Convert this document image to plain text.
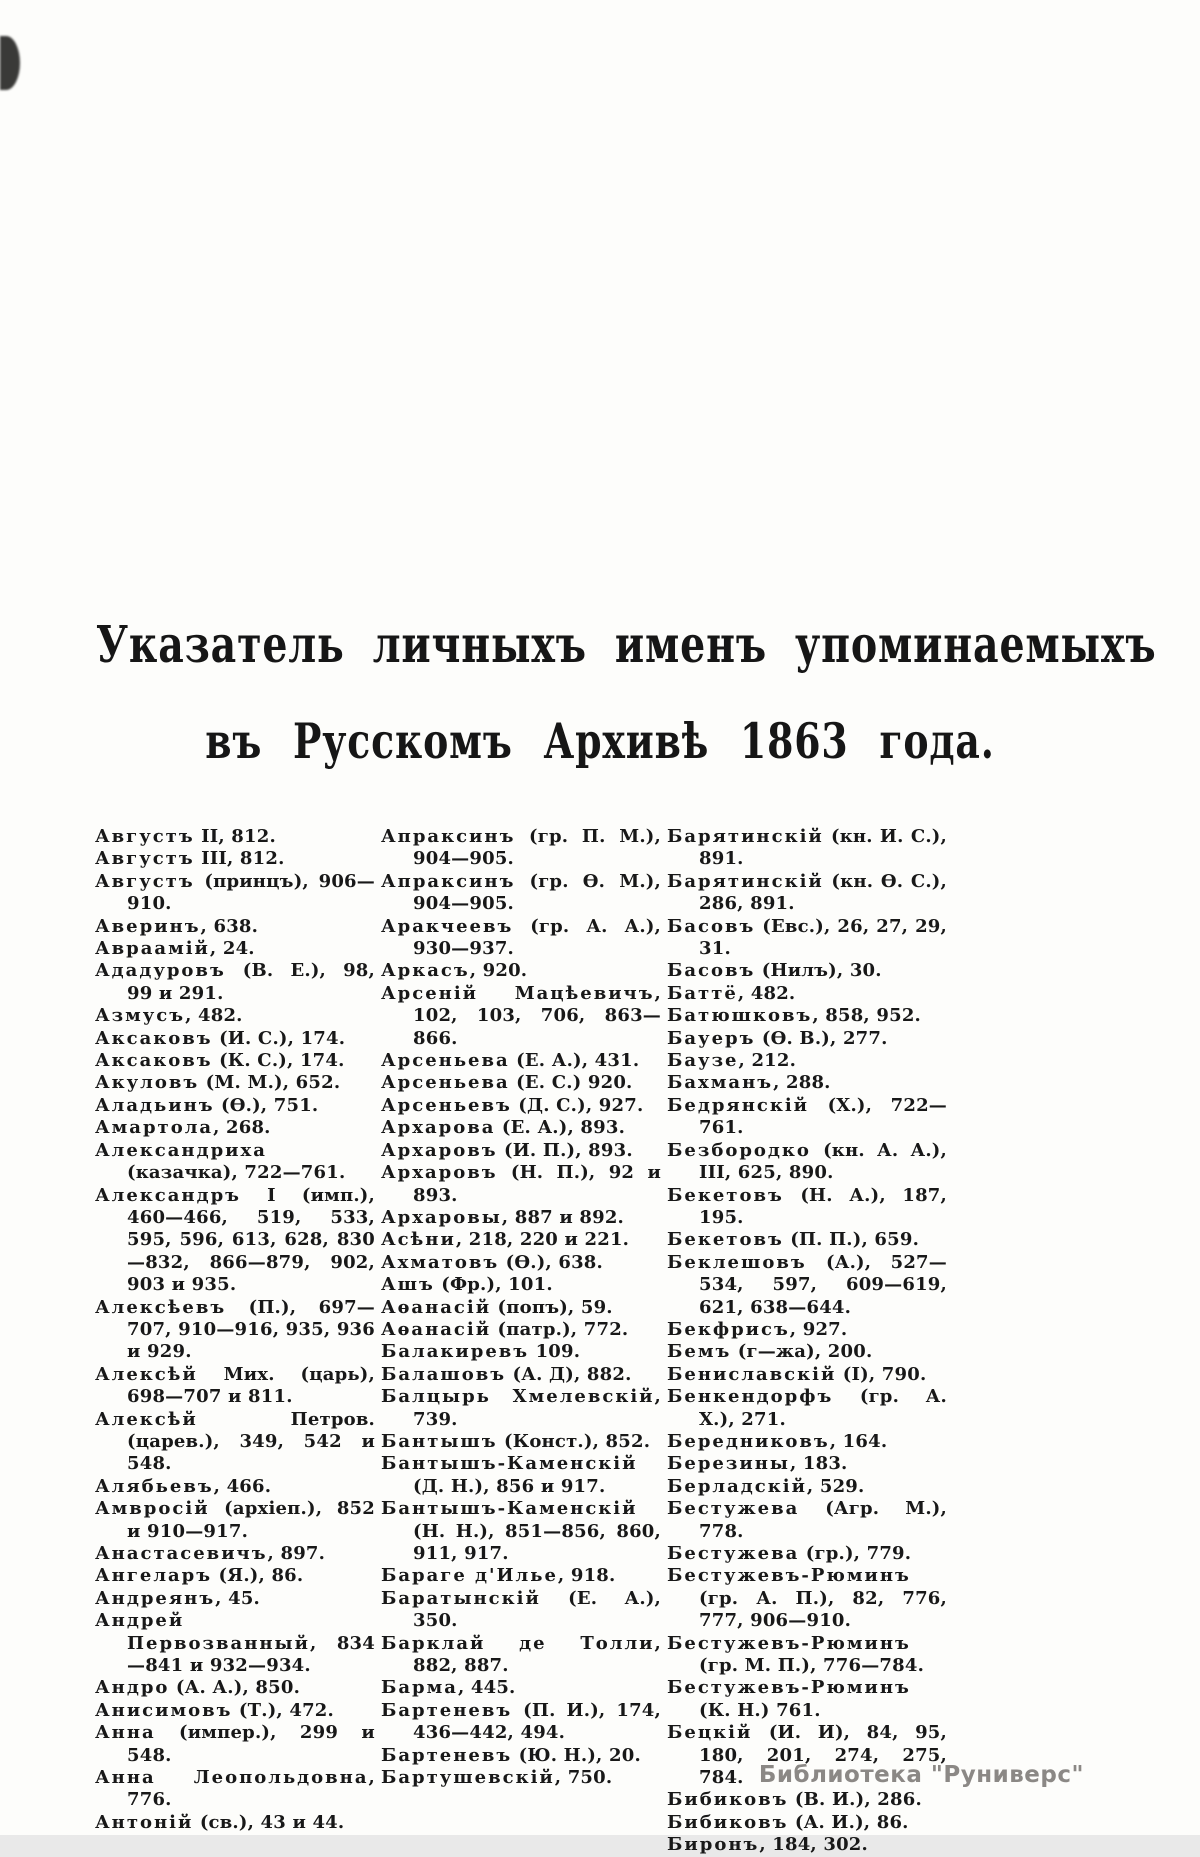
Указатель личныхъ именъ упоминаемыхъ
въ Русскомъ Архивѣ 1863 года.

Августъ II, 812.

Августъ III, 812.

Августъ (принцъ), 906—910.

Аверинъ, 638.

Авраамій, 24.

Ададуровъ (В. Е.), 98, 99 и 291.

Азмусъ, 482.

Аксаковъ (И. С.), 174.

Аксаковъ (К. С.), 174.

Акуловъ (М. М.), 652.

Аладьинъ (Ѳ.), 751.

Амартола, 268.

Александриха (казачка), 722—761.

Александръ I (имп.), 460—466, 519, 533, 595, 596, 613, 628, 830—832, 866—879, 902, 903 и 935.

Алексѣевъ (П.), 697—707, 910—916, 935, 936 и 929.

Алексѣй Мих. (царь), 698—707 и 811.

Алексѣй Петров. (царев.), 349, 542 и 548.

Алябьевъ, 466.

Амвросій (архіеп.), 852 и 910—917.

Анастасевичъ, 897.

Ангеларъ (Я.), 86.

Андреянъ, 45.

Андрей Первозванный, 834—841 и 932—934.

Андро (А. А.), 850.

Анисимовъ (Т.), 472.

Анна (импер.), 299 и 548.

Анна Леопольдовна, 776.

Антоній (св.), 43 и 44.

Апраксинъ (гр. П. М.), 904—905.

Апраксинъ (гр. Ѳ. М.), 904—905.

Аракчеевъ (гр. А. А.), 930—937.

Аркасъ, 920.

Арсеній Мацѣевичъ, 102, 103, 706, 863—866.

Арсеньева (Е. А.), 431.

Арсеньева (Е. С.) 920.

Арсеньевъ (Д. С.), 927.

Архарова (Е. А.), 893.

Архаровъ (И. П.), 893.

Архаровъ (Н. П.), 92 и 893.

Архаровы, 887 и 892.

Асѣни, 218, 220 и 221.

Ахматовъ (Ѳ.), 638.

Ашъ (Фр.), 101.

Аѳанасій (попъ), 59.

Аѳанасій (патр.), 772.

Балакиревъ 109.

Балашовъ (А. Д), 882.

Балцырь Хмелевскій, 739.

Бантышъ (Конст.), 852.

Бантышъ-Каменскій (Д. Н.), 856 и 917.

Бантышъ-Каменскій (Н. Н.), 851—856, 860, 911, 917.

Бараге д'Илье, 918.

Баратынскій (Е. А.), 350.

Барклай де Толли, 882, 887.

Барма, 445.

Бартеневъ (П. И.), 174, 436—442, 494.

Бартеневъ (Ю. Н.), 20.

Бартушевскій, 750.

Барятинскій (кн. И. С.), 891.

Барятинскій (кн. Ѳ. С.), 286, 891.

Басовъ (Евс.), 26, 27, 29, 31.

Басовъ (Нилъ), 30.

Баттё, 482.

Батюшковъ, 858, 952.

Бауеръ (Ѳ. В.), 277.

Баузе, 212.

Бахманъ, 288.

Бедрянскій (Х.), 722—761.

Безбородко (кн. А. А.), III, 625, 890.

Бекетовъ (Н. А.), 187, 195.

Бекетовъ (П. П.), 659.

Беклешовъ (А.), 527—534, 597, 609—619, 621, 638—644.

Бекфрисъ, 927.

Бемъ (г—жа), 200.

Бениславскій (I), 790.

Бенкендорфъ (гр. А. Х.), 271.

Бередниковъ, 164.

Березины, 183.

Берладскій, 529.

Бестужева (Агр. М.), 778.

Бестужева (гр.), 779.

Бестужевъ-Рюминъ (гр. А. П.), 82, 776, 777, 906—910.

Бестужевъ-Рюминъ (гр. М. П.), 776—784.

Бестужевъ-Рюминъ (К. Н.) 761.

Бецкій (И. И), 84, 95, 180, 201, 274, 275, 784.

Бибиковъ (В. И.), 286.

Бибиковъ (А. И.), 86.

Биронъ, 184, 302.

Библиотека "Руниверс"
